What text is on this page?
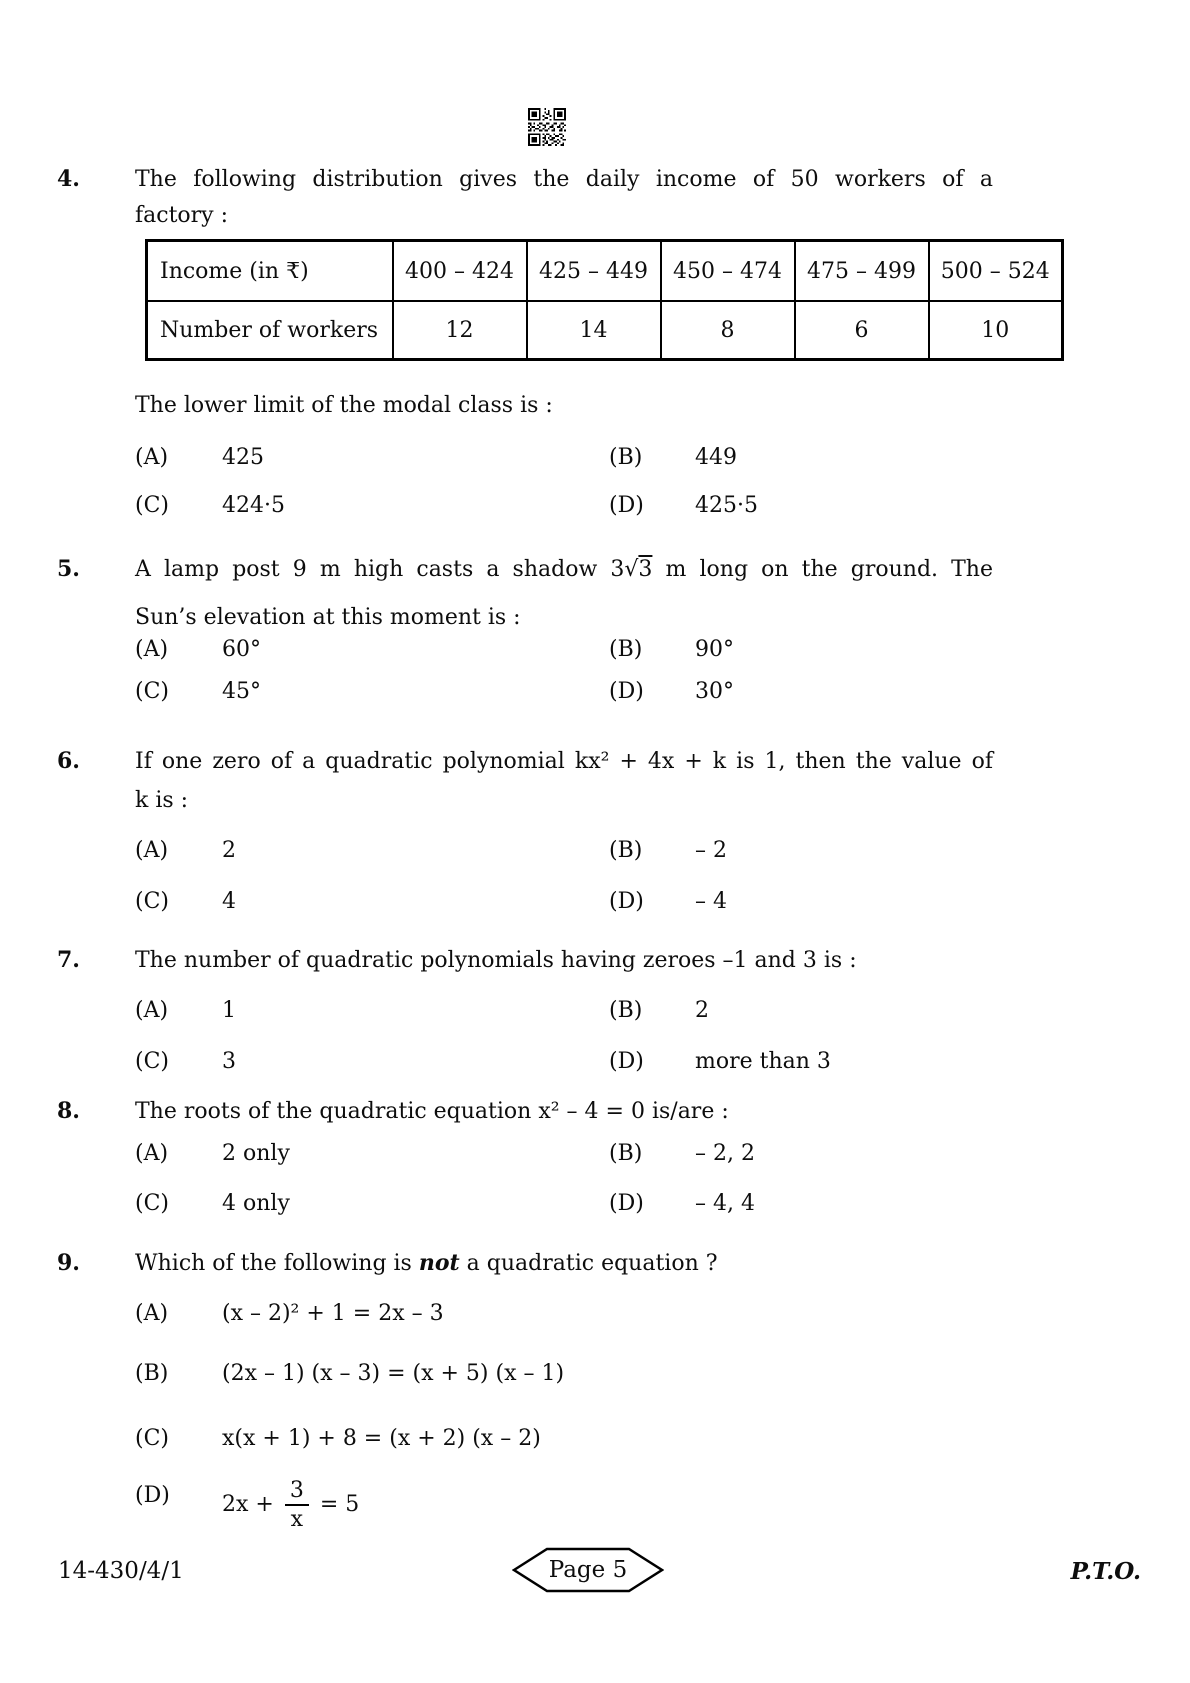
4.	The following distribution gives the daily income of 50 workers of a
factory :
Income (in ₹)	400 – 424	425 – 449	450 – 474	475 – 499	500 – 524
Number of workers	12	14	8	6	10
The lower limit of the modal class is :
(A) 425	(B) 449
(C) 424·5	(D) 425·5
5.	A lamp post 9 m high casts a shadow 3√3 m long on the ground. The
Sun’s elevation at this moment is :
(A) 60°	(B) 90°
(C) 45°	(D) 30°
6.	If one zero of a quadratic polynomial kx² + 4x + k is 1, then the value of
k is :
(A) 2	(B) – 2
(C) 4	(D) – 4
7.	The number of quadratic polynomials having zeroes –1 and 3 is :
(A) 1	(B) 2
(C) 3	(D) more than 3
8.	The roots of the quadratic equation x² – 4 = 0 is/are :
(A) 2 only	(B) – 2, 2
(C) 4 only	(D) – 4, 4
9.	Which of the following is not a quadratic equation ?
(A) (x – 2)² + 1 = 2x – 3
(B) (2x – 1) (x – 3) = (x + 5) (x – 1)
(C) x(x + 1) + 8 = (x + 2) (x – 2)
(D) $2x + \frac{3}{x} = 5$
14-430/4/1	Page 5	P.T.O.
